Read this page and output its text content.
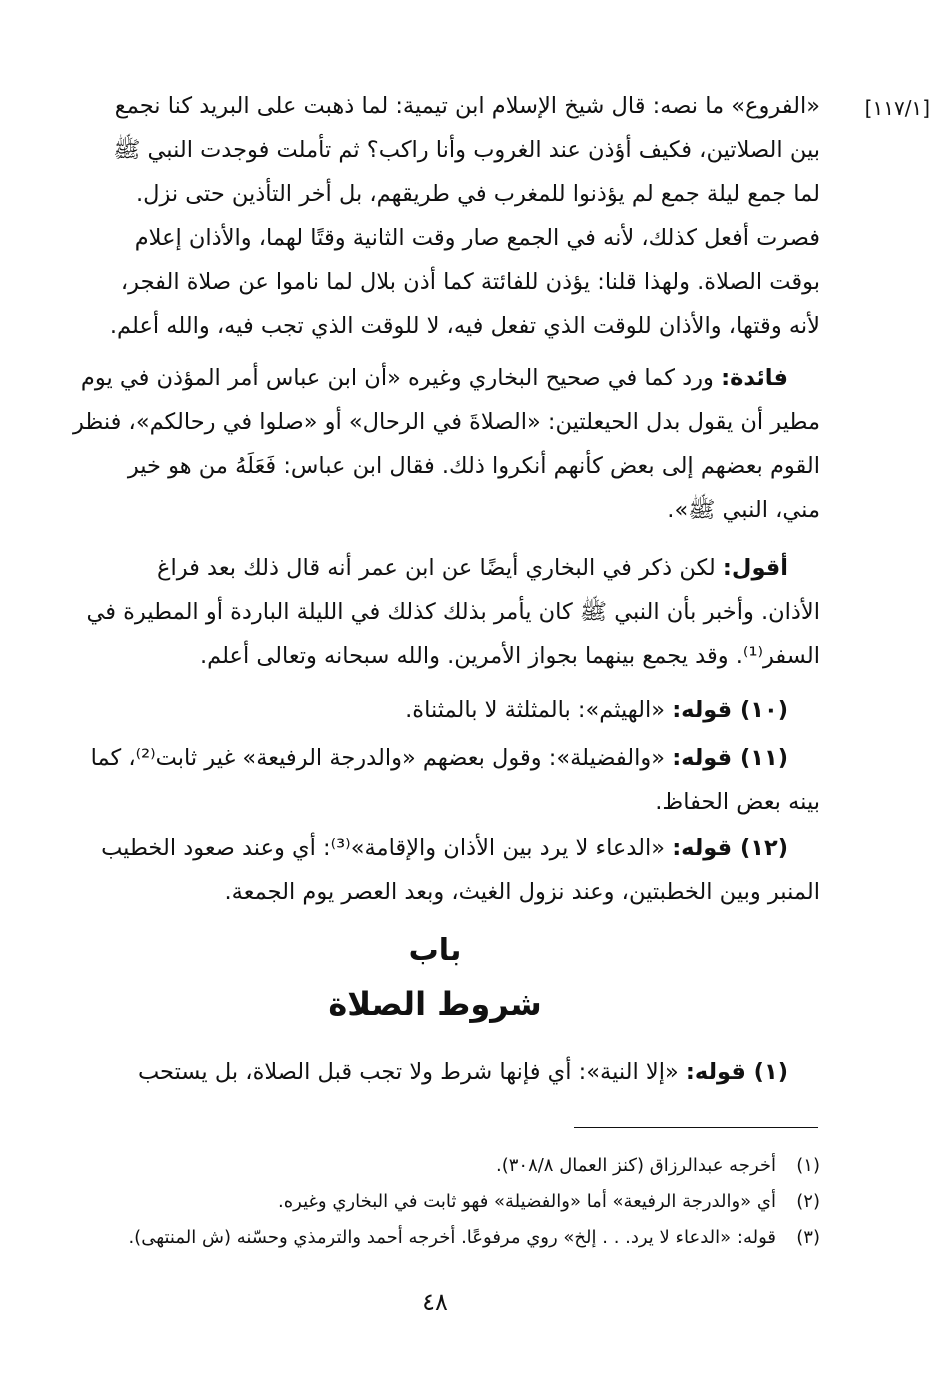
[١١٧/١]
«الفروع» ما نصه: قال شيخ الإسلام ابن تيمية: لما ذهبت على البريد كنا نجمع
بين الصلاتين، فكيف أؤذن عند الغروب وأنا راكب؟ ثم تأملت فوجدت النبي ﷺ
لما جمع ليلة جمع لم يؤذنوا للمغرب في طريقهم، بل أخر التأذين حتى نزل.
فصرت أفعل كذلك، لأنه في الجمع صار وقت الثانية وقتًا لهما، والأذان إعلام
بوقت الصلاة. ولهذا قلنا: يؤذن للفائتة كما أذن بلال لما ناموا عن صلاة الفجر،
لأنه وقتها، والأذان للوقت الذي تفعل فيه، لا للوقت الذي تجب فيه، والله أعلم.
فائدة: ورد كما في صحيح البخاري وغيره «أن ابن عباس أمر المؤذن في يوم
مطير أن يقول بدل الحيعلتين: «الصلاةَ في الرحال» أو «صلوا في رحالكم»، فنظر
القوم بعضهم إلى بعض كأنهم أنكروا ذلك. فقال ابن عباس: فَعَلَهُ من هو خير
مني، النبي ﷺ».
أقول: لكن ذكر في البخاري أيضًا عن ابن عمر أنه قال ذلك بعد فراغ
الأذان. وأخبر بأن النبي ﷺ كان يأمر بذلك كذلك في الليلة الباردة أو المطيرة في
السفر⁽¹⁾. وقد يجمع بينهما بجواز الأمرين. والله سبحانه وتعالى أعلم.
(١٠) قوله: «الهيثم»: بالمثلثة لا بالمثناة.
(١١) قوله: «والفضيلة»: وقول بعضهم «والدرجة الرفيعة» غير ثابت⁽²⁾، كما
بينه بعض الحفاظ.
(١٢) قوله: «الدعاء لا يرد بين الأذان والإقامة»⁽³⁾: أي وعند صعود الخطيب
المنبر وبين الخطبتين، وعند نزول الغيث، وبعد العصر يوم الجمعة.
باب
شروط الصلاة
(١) قوله: «إلا النية»: أي فإنها شرط ولا تجب قبل الصلاة، بل يستحب
(١)أخرجه عبدالرزاق (كنز العمال ٣٠٨/٨).
(٢)أي «والدرجة الرفيعة» أما «والفضيلة» فهو ثابت في البخاري وغيره.
(٣)قوله: «الدعاء لا يرد. . . إلخ» روي مرفوعًا. أخرجه أحمد والترمذي وحسّنه (ش المنتهى).
٤٨
